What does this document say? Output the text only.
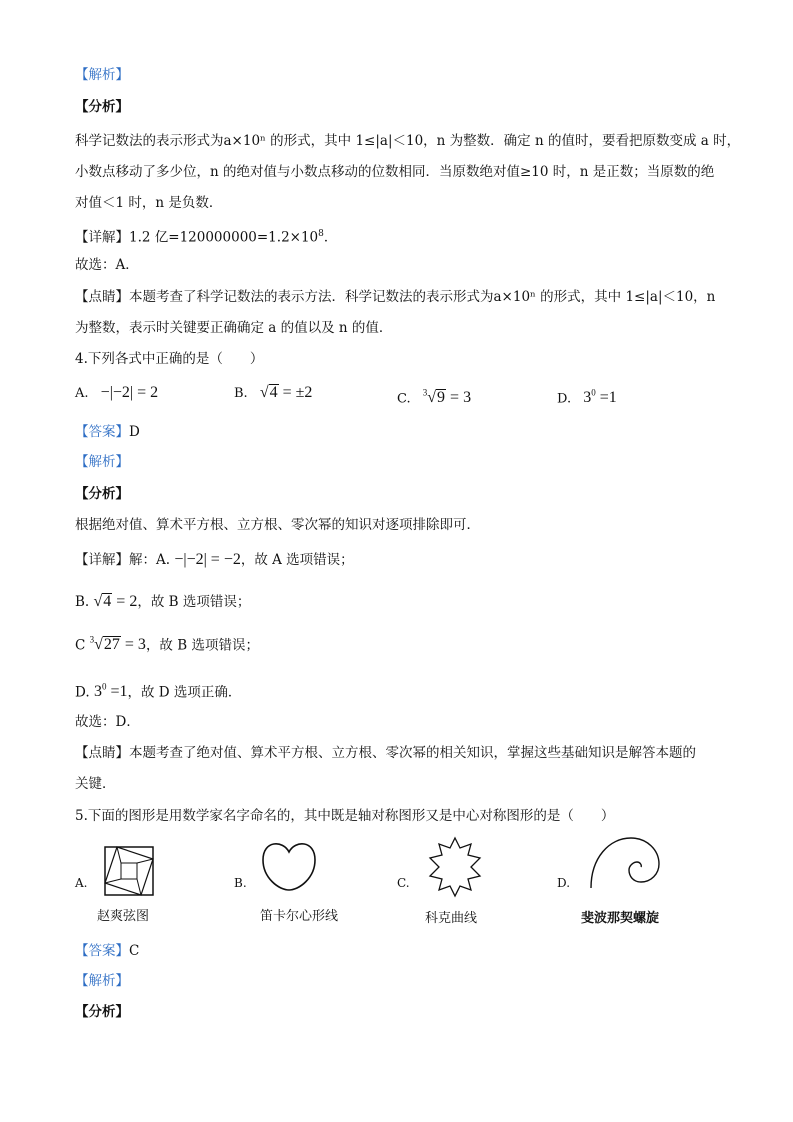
【解析】
【分析】
科学记数法的表示形式为a×10ⁿ 的形式，其中 1≤|a|＜10，n 为整数．确定 n 的值时，要看把原数变成 a 时，
小数点移动了多少位，n 的绝对值与小数点移动的位数相同．当原数绝对值≥10 时，n 是正数；当原数的绝
对值＜1 时，n 是负数．
【详解】1.2 亿$=120000000=1.2\times 10^8$．
故选：A．
【点睛】本题考查了科学记数法的表示方法．科学记数法的表示形式为a×10ⁿ 的形式，其中 1≤|a|＜10，n
为整数，表示时关键要正确确定 a 的值以及 n 的值．
4.下列各式中正确的是（　　）
A. −|−2| = 2	B. √4 = ±2	C. $^3$√9 = 3	D. $3^0 =1$
【答案】D
【解析】
【分析】
根据绝对值、算术平方根、立方根、零次幂的知识对逐项排除即可．
【详解】解：A. −|−2| = −2，故 A 选项错误；
B. √4 = 2，故 B 选项错误；
C $^3$√27 = 3，故 B 选项错误；
D. $3^0 =1$，故 D 选项正确．
故选：D．
【点睛】本题考查了绝对值、算术平方根、立方根、零次幂的相关知识，掌握这些基础知识是解答本题的
关键．
5.下面的图形是用数学家名字命名的，其中既是轴对称图形又是中心对称图形的是（　　）
A.
赵爽弦图
B.
笛卡尔心形线
C.
科克曲线
D.
斐波那契螺旋
【答案】C
【解析】
【分析】
